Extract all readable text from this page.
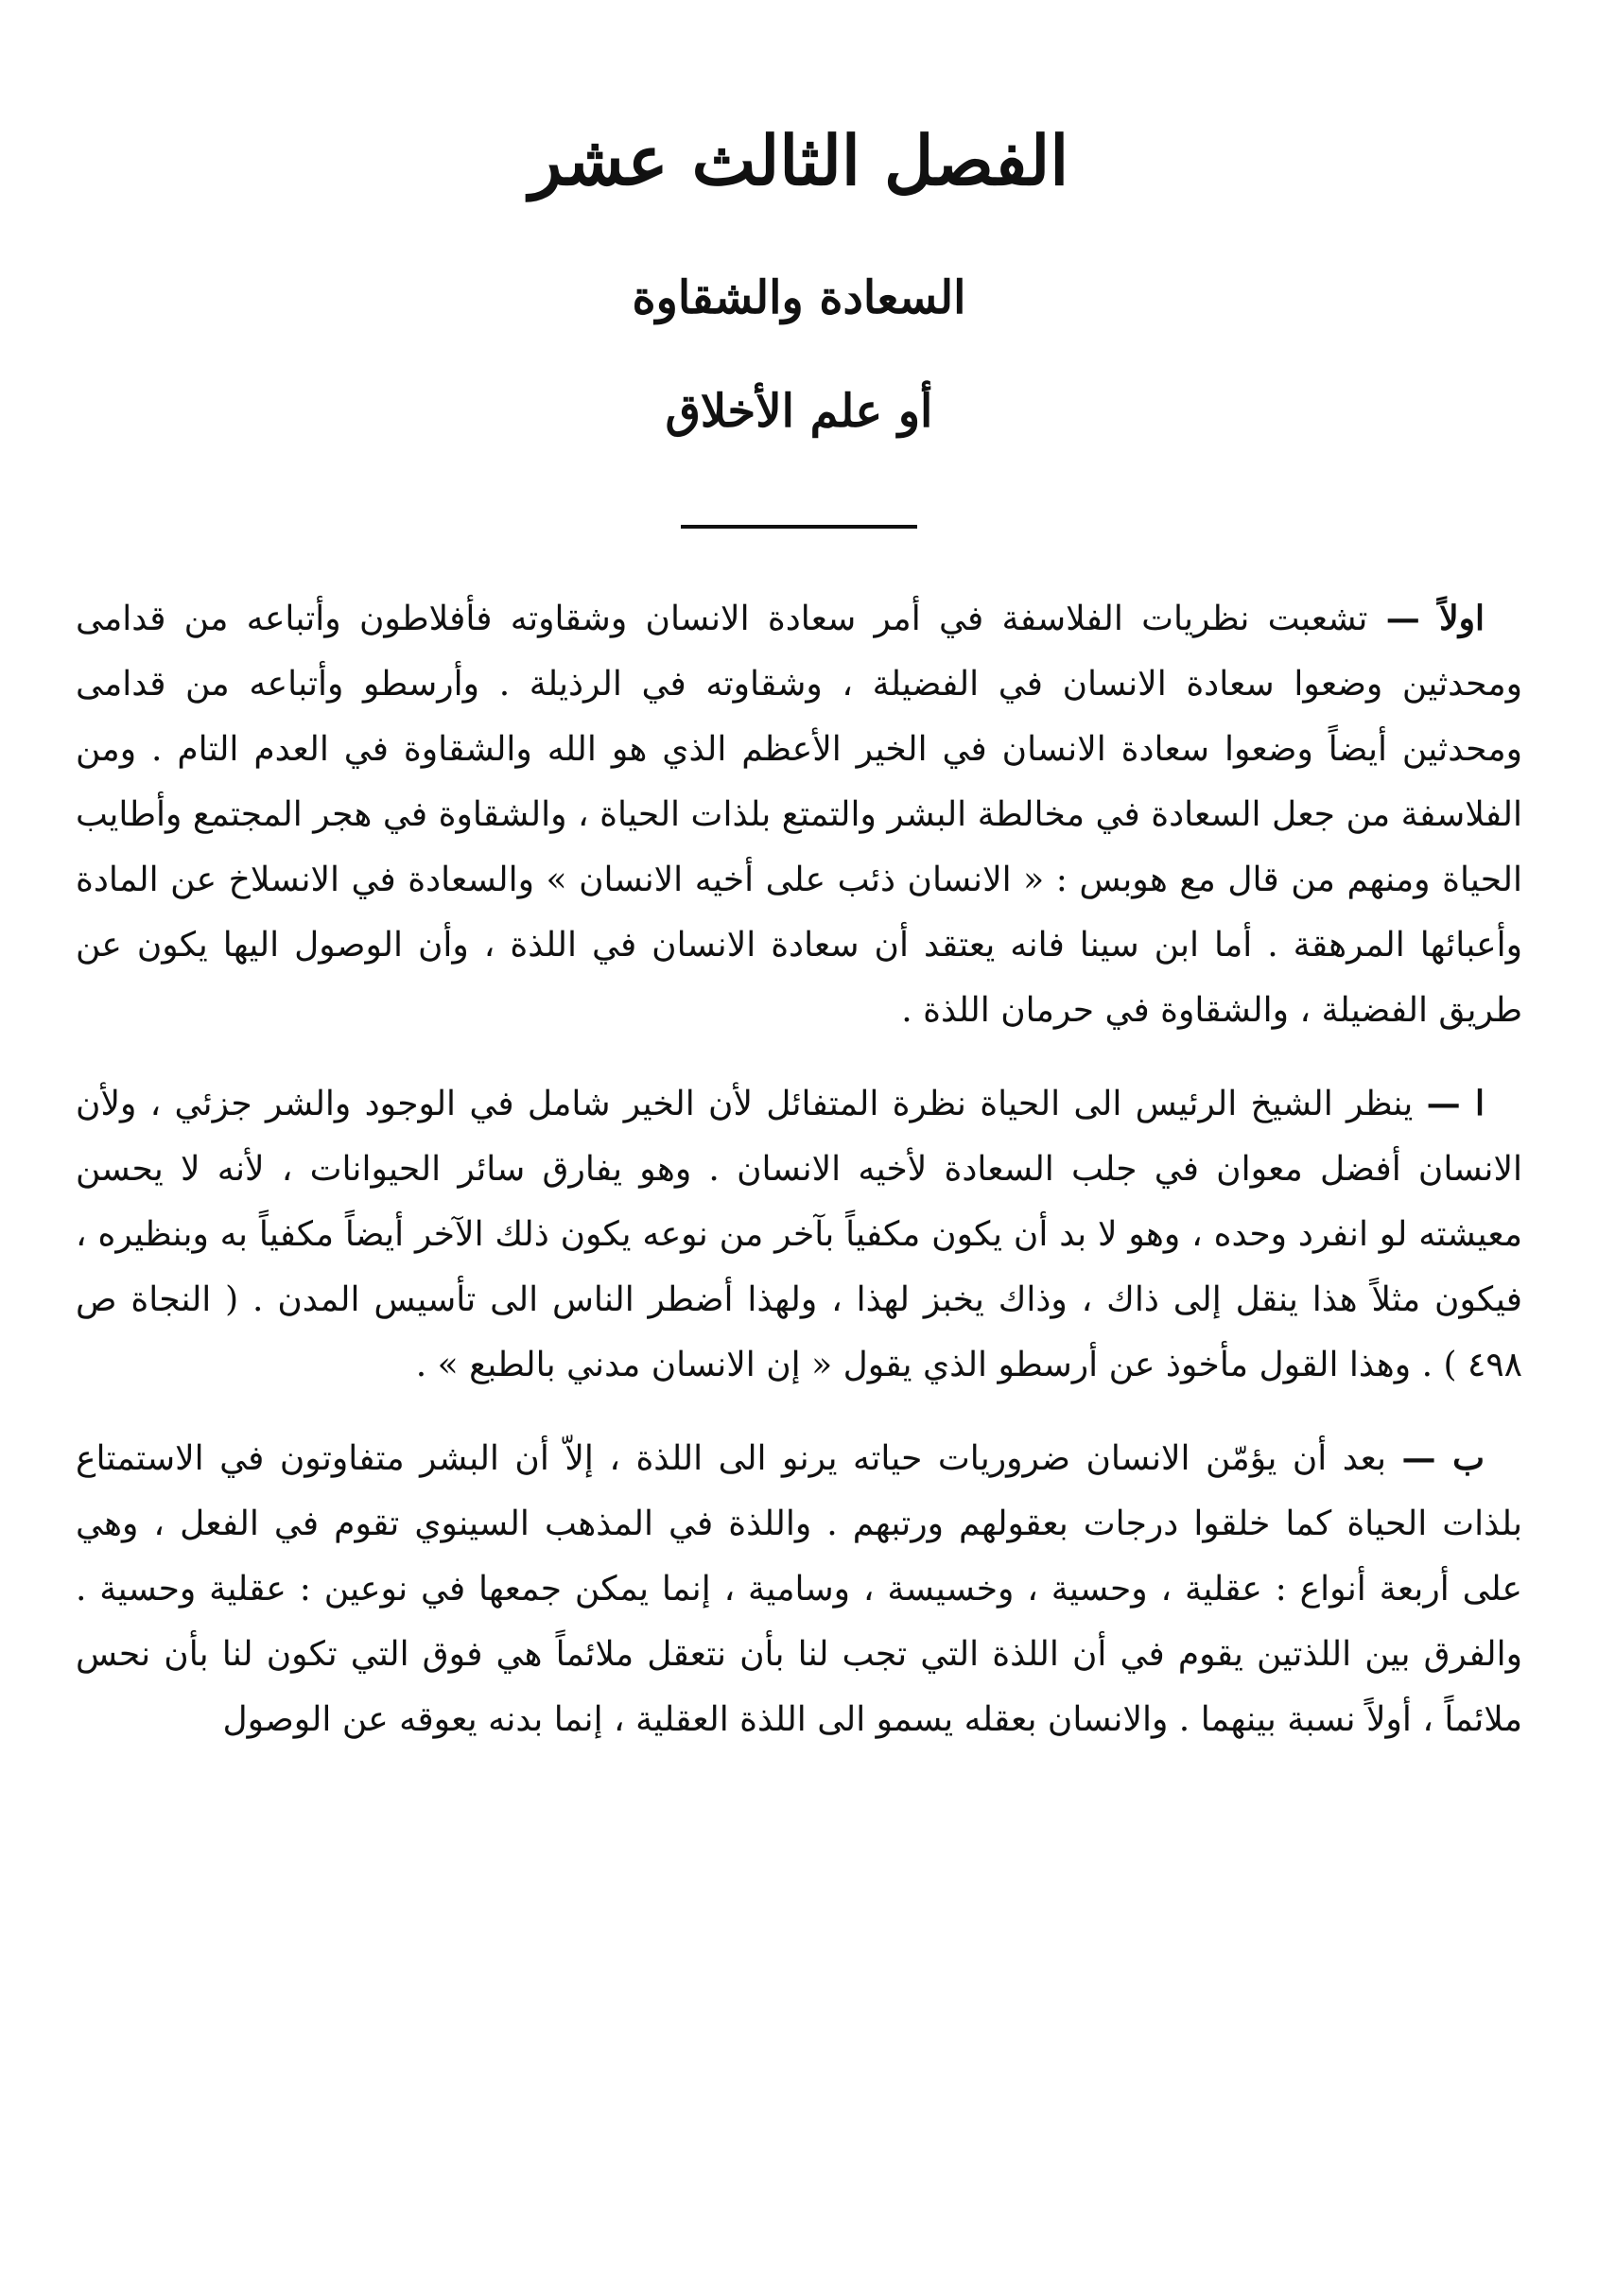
الفصل الثالث عشر
السعادة والشقاوة
أو علم الأخلاق

اولاً — تشعبت نظريات الفلاسفة في أمر سعادة الانسان وشقاوته فأفلاطون وأتباعه من قدامى ومحدثين وضعوا سعادة الانسان في الفضيلة ، وشقاوته في الرذيلة . وأرسطو وأتباعه من قدامى ومحدثين أيضاً وضعوا سعادة الانسان في الخير الأعظم الذي هو الله والشقاوة في العدم التام . ومن الفلاسفة من جعل السعادة في مخالطة البشر والتمتع بلذات الحياة ، والشقاوة في هجر المجتمع وأطايب الحياة ومنهم من قال مع هوبس : « الانسان ذئب على أخيه الانسان » والسعادة في الانسلاخ عن المادة وأعبائها المرهقة . أما ابن سينا فانه يعتقد أن سعادة الانسان في اللذة ، وأن الوصول اليها يكون عن طريق الفضيلة ، والشقاوة في حرمان اللذة .

ا — ينظر الشيخ الرئيس الى الحياة نظرة المتفائل لأن الخير شامل في الوجود والشر جزئي ، ولأن الانسان أفضل معوان في جلب السعادة لأخيه الانسان . وهو يفارق سائر الحيوانات ، لأنه لا يحسن معيشته لو انفرد وحده ، وهو لا بد أن يكون مكفياً بآخر من نوعه يكون ذلك الآخر أيضاً مكفياً به وبنظيره ، فيكون مثلاً هذا ينقل إلى ذاك ، وذاك يخبز لهذا ، ولهذا أضطر الناس الى تأسيس المدن . ( النجاة ص ٤٩٨ ) . وهذا القول مأخوذ عن أرسطو الذي يقول « إن الانسان مدني بالطبع » .

ب — بعد أن يؤمّن الانسان ضروريات حياته يرنو الى اللذة ، إلاّ أن البشر متفاوتون في الاستمتاع بلذات الحياة كما خلقوا درجات بعقولهم ورتبهم . واللذة في المذهب السينوي تقوم في الفعل ، وهي على أربعة أنواع : عقلية ، وحسية ، وخسيسة ، وسامية ، إنما يمكن جمعها في نوعين : عقلية وحسية . والفرق بين اللذتين يقوم في أن اللذة التي تجب لنا بأن نتعقل ملائماً هي فوق التي تكون لنا بأن نحس ملائماً ، أولاً نسبة بينهما . والانسان بعقله يسمو الى اللذة العقلية ، إنما بدنه يعوقه عن الوصول
